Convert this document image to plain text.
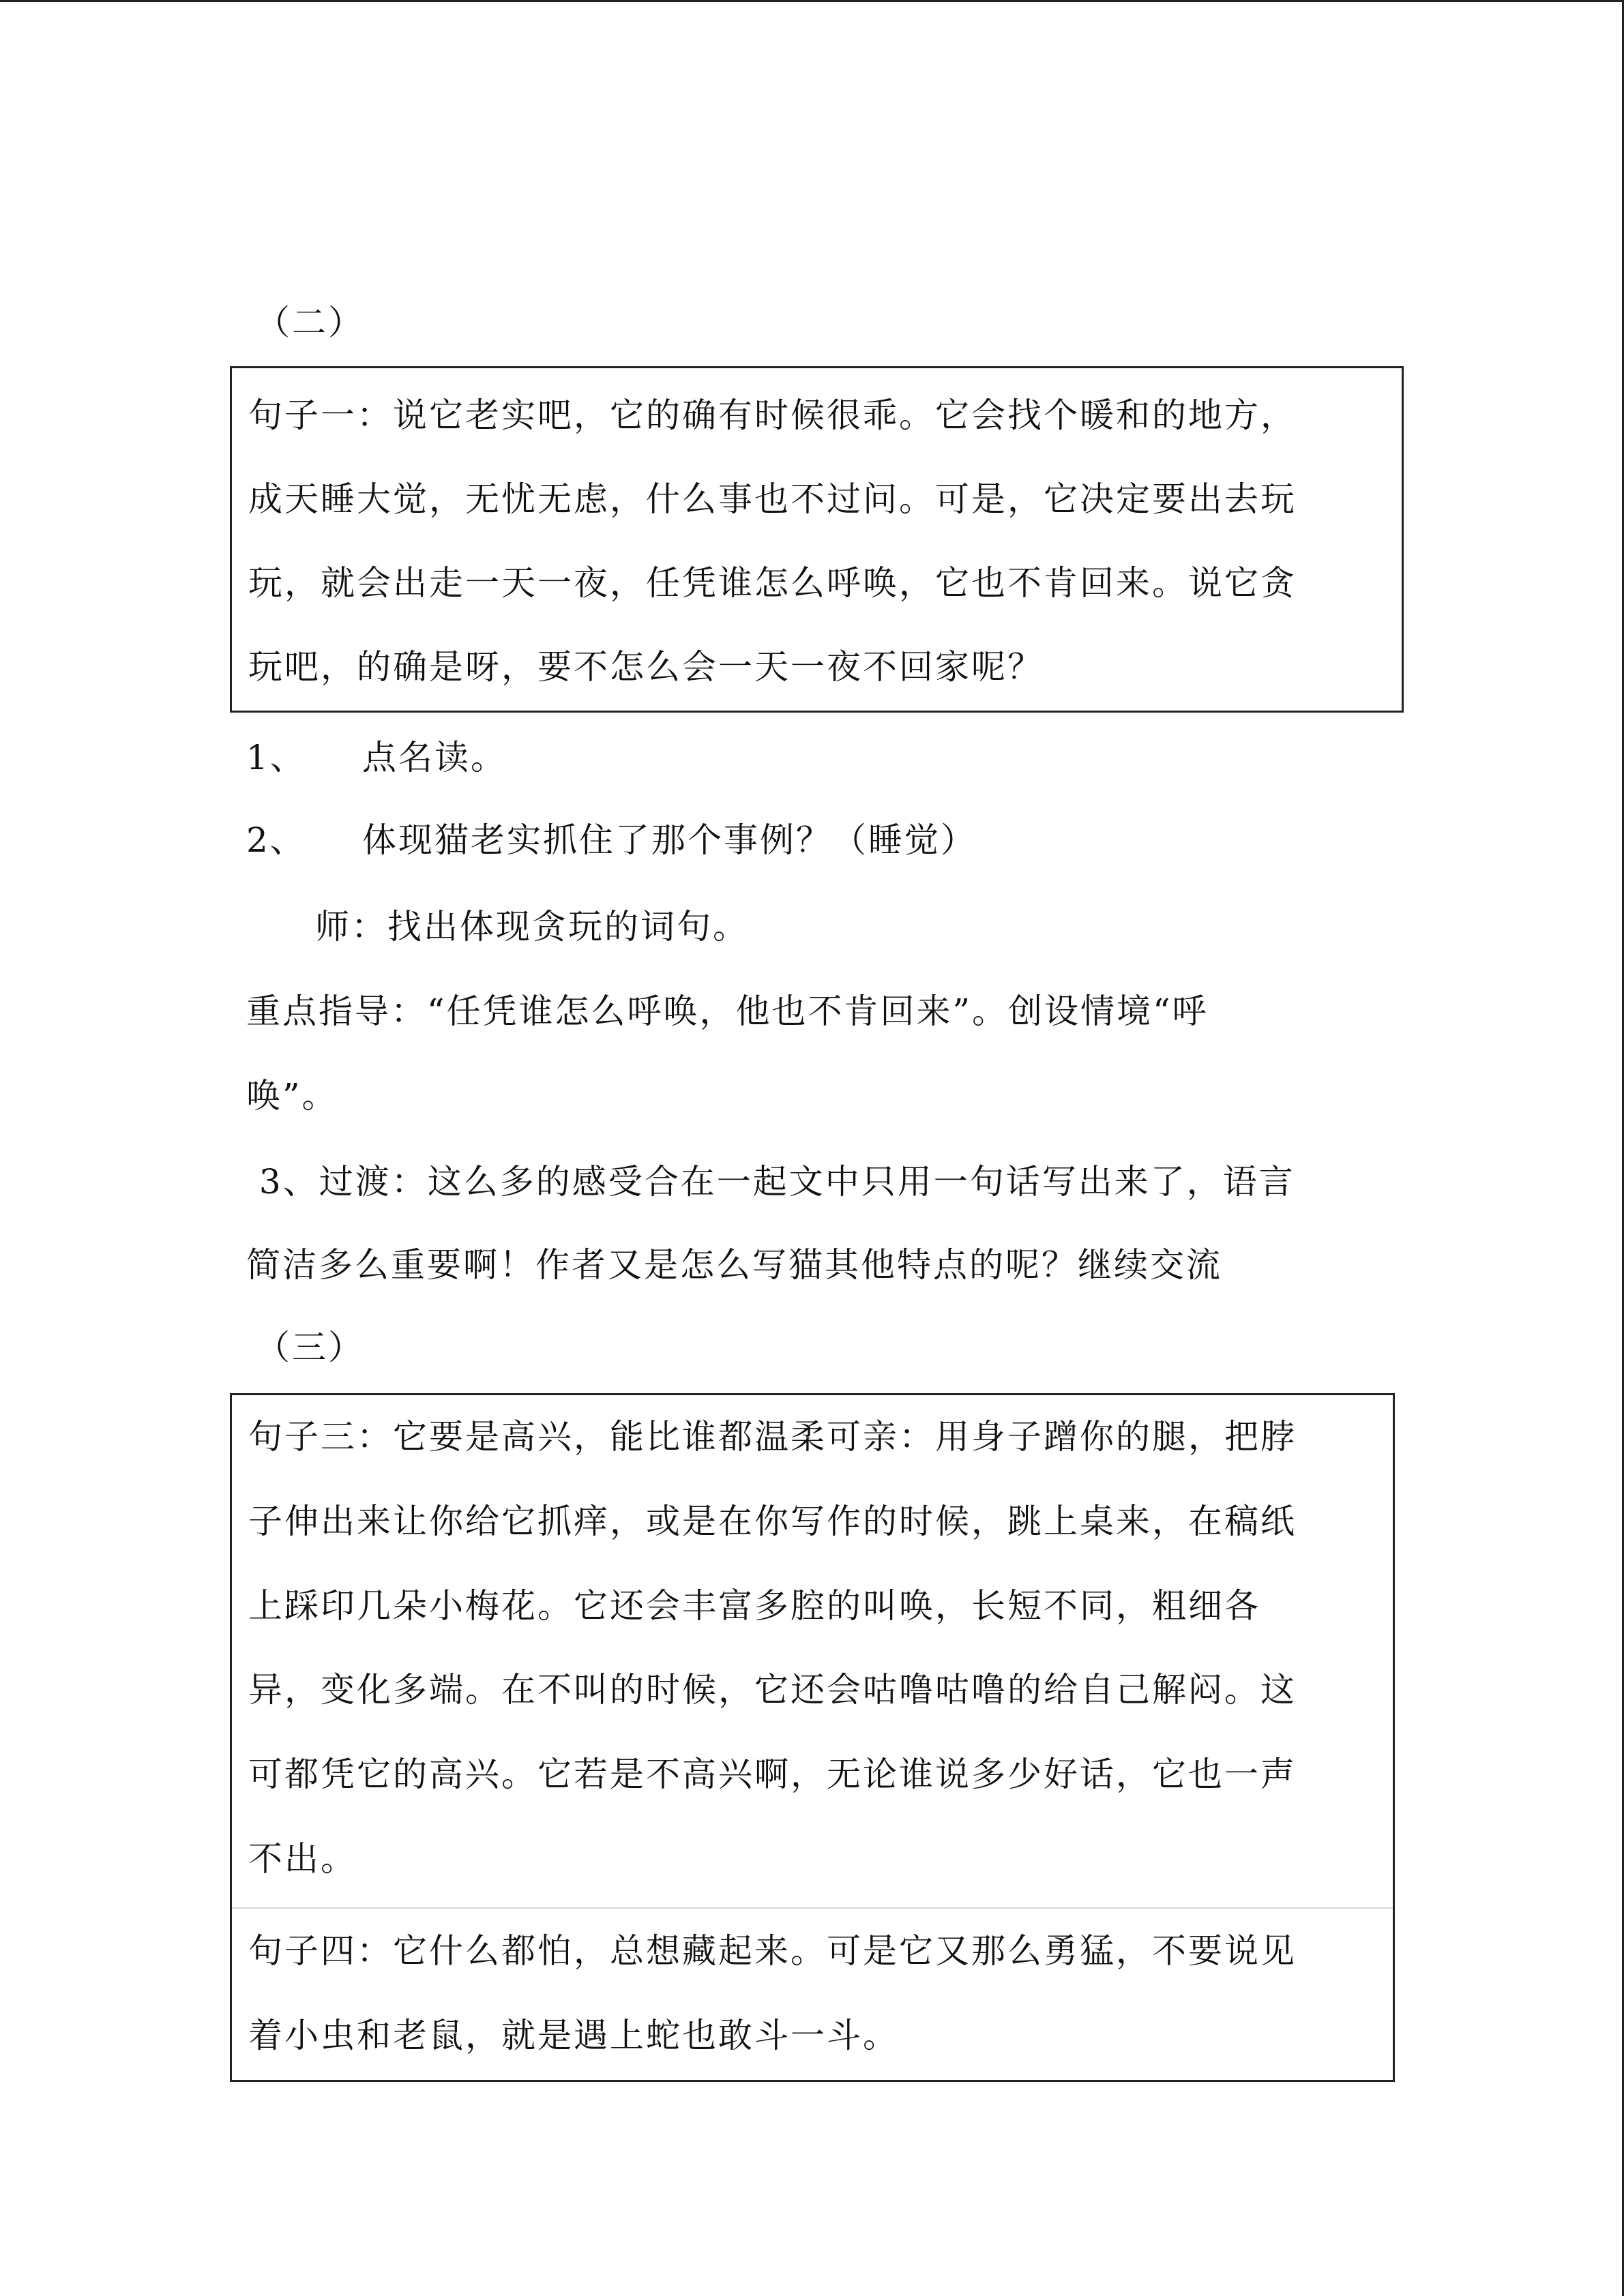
（二）
句子一：说它老实吧，它的确有时候很乖。它会找个暖和的地方，
成天睡大觉，无忧无虑，什么事也不过问。可是，它决定要出去玩
玩，就会出走一天一夜，任凭谁怎么呼唤，它也不肯回来。说它贪
玩吧，的确是呀，要不怎么会一天一夜不回家呢？
1、 点名读。
2、 体现猫老实抓住了那个事例？（睡觉）
师：找出体现贪玩的词句。
重点指导：“任凭谁怎么呼唤，他也不肯回来”。创设情境“呼
唤”。
3、过渡：这么多的感受合在一起文中只用一句话写出来了，语言
简洁多么重要啊！作者又是怎么写猫其他特点的呢？继续交流
（三）
句子三：它要是高兴，能比谁都温柔可亲：用身子蹭你的腿，把脖
子伸出来让你给它抓痒，或是在你写作的时候，跳上桌来，在稿纸
上踩印几朵小梅花。它还会丰富多腔的叫唤，长短不同，粗细各
异，变化多端。在不叫的时候，它还会咕噜咕噜的给自己解闷。这
可都凭它的高兴。它若是不高兴啊，无论谁说多少好话，它也一声
不出。
句子四：它什么都怕，总想藏起来。可是它又那么勇猛，不要说见
着小虫和老鼠，就是遇上蛇也敢斗一斗。
